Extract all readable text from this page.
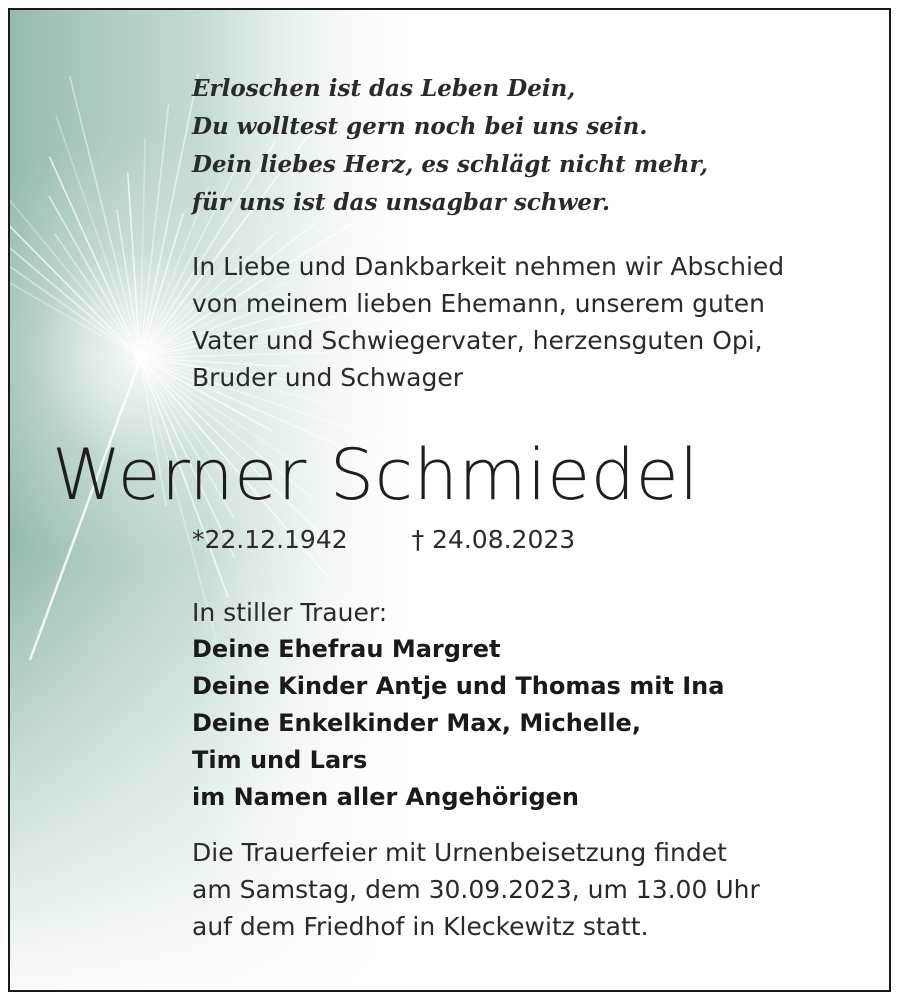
Erloschen ist das Leben Dein,
Du wolltest gern noch bei uns sein.
Dein liebes Herz, es schlägt nicht mehr,
für uns ist das unsagbar schwer.
In Liebe und Dankbarkeit nehmen wir Abschied
von meinem lieben Ehemann, unserem guten
Vater und Schwiegervater, herzensguten Opi,
Bruder und Schwager
Werner Schmiedel
*22.12.1942	† 24.08.2023
In stiller Trauer:
Deine Ehefrau Margret
Deine Kinder Antje und Thomas mit Ina
Deine Enkelkinder Max, Michelle,
Tim und Lars
im Namen aller Angehörigen
Die Trauerfeier mit Urnenbeisetzung findet
am Samstag, dem 30.09.2023, um 13.00 Uhr
auf dem Friedhof in Kleckewitz statt.
